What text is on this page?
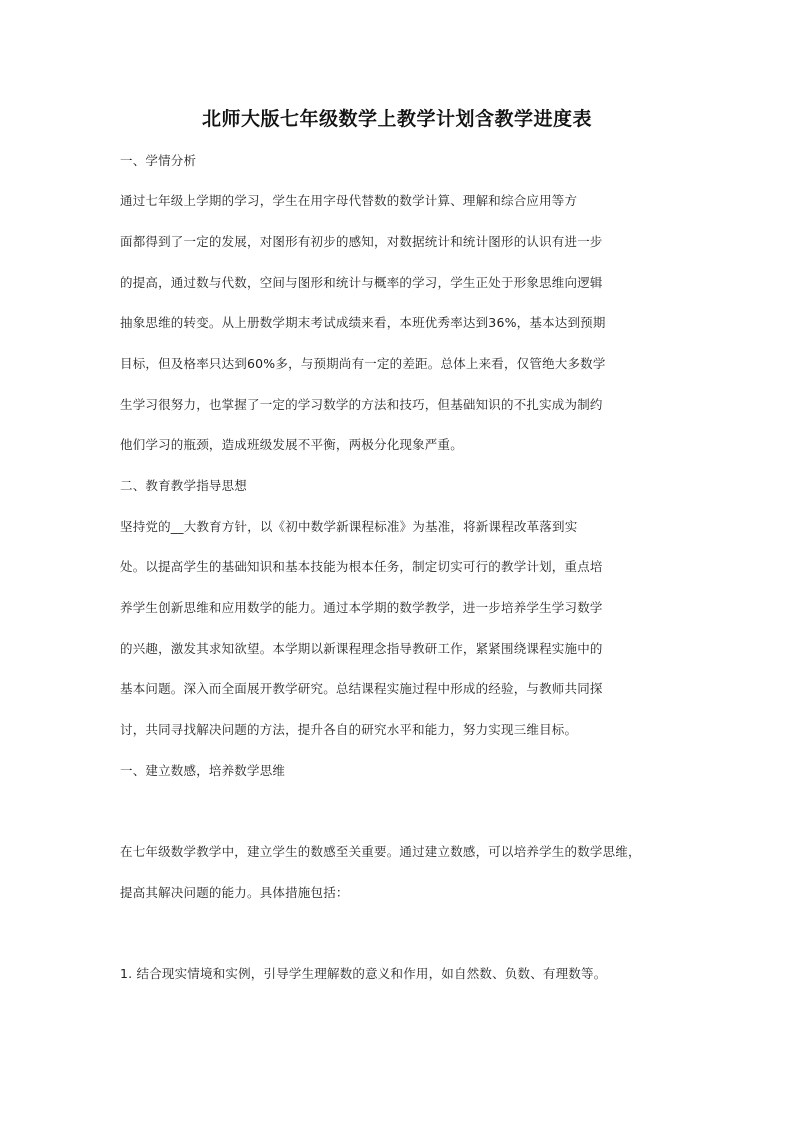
北师大版七年级数学上教学计划含教学进度表
一、学情分析
通过七年级上学期的学习，学生在用字母代替数的数学计算、理解和综合应用等方
面都得到了一定的发展，对图形有初步的感知，对数据统计和统计图形的认识有进一步
的提高，通过数与代数，空间与图形和统计与概率的学习，学生正处于形象思维向逻辑
抽象思维的转变。从上册数学期末考试成绩来看，本班优秀率达到36%，基本达到预期
目标，但及格率只达到60%多，与预期尚有一定的差距。总体上来看，仅管绝大多数学
生学习很努力，也掌握了一定的学习数学的方法和技巧，但基础知识的不扎实成为制约
他们学习的瓶颈，造成班级发展不平衡，两极分化现象严重。
二、教育教学指导思想
坚持党的__大教育方针，以《初中数学新课程标准》为基准，将新课程改革落到实
处。以提高学生的基础知识和基本技能为根本任务，制定切实可行的教学计划，重点培
养学生创新思维和应用数学的能力。通过本学期的数学教学，进一步培养学生学习数学
的兴趣，激发其求知欲望。本学期以新课程理念指导教研工作，紧紧围绕课程实施中的
基本问题。深入而全面展开教学研究。总结课程实施过程中形成的经验，与教师共同探
讨，共同寻找解决问题的方法，提升各自的研究水平和能力，努力实现三维目标。
一、建立数感，培养数学思维
在七年级数学教学中，建立学生的数感至关重要。通过建立数感，可以培养学生的数学思维，
提高其解决问题的能力。具体措施包括：
1. 结合现实情境和实例，引导学生理解数的意义和作用，如自然数、负数、有理数等。
